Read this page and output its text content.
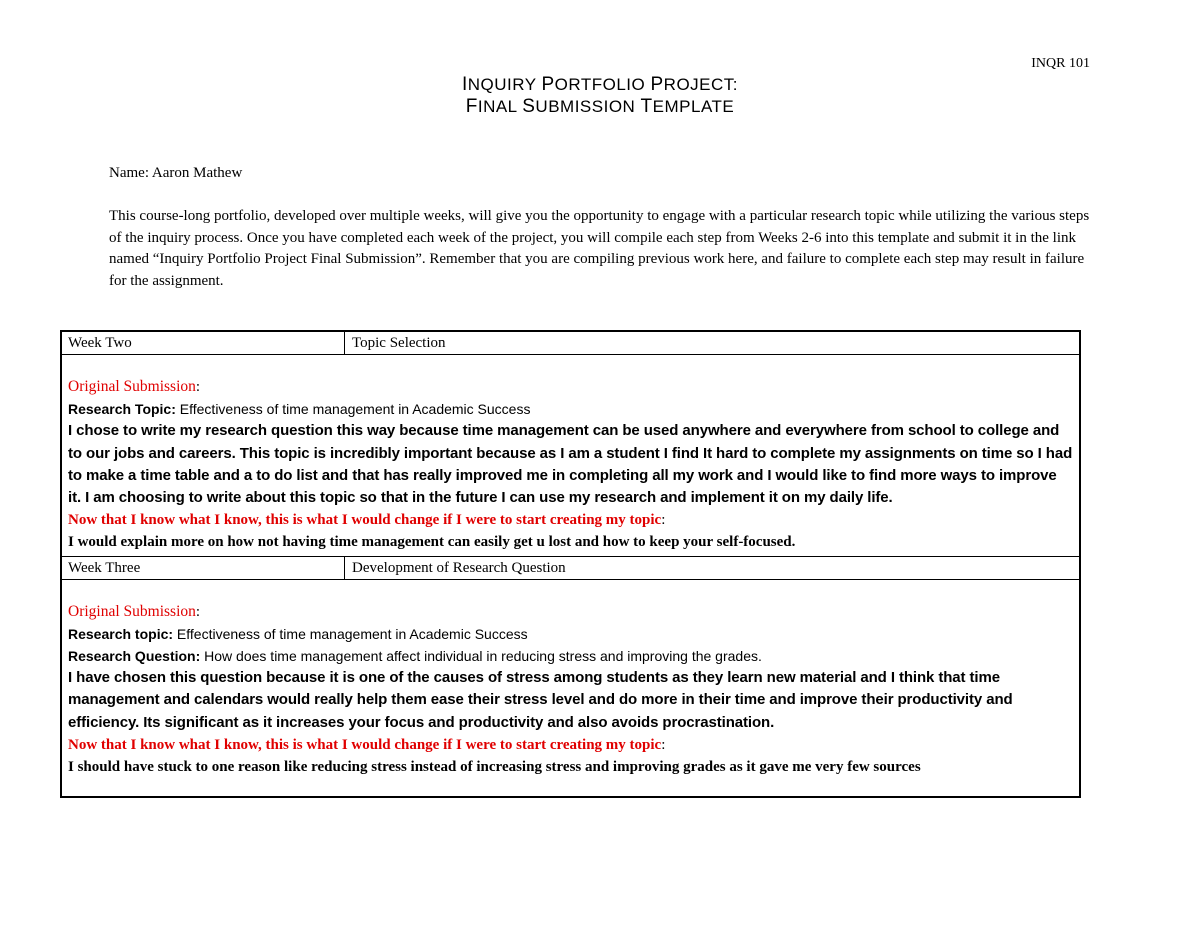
INQR 101
INQUIRY PORTFOLIO PROJECT:
FINAL SUBMISSION TEMPLATE
Name: Aaron Mathew
This course-long portfolio, developed over multiple weeks, will give you the opportunity to engage with a particular research topic while utilizing the various steps of the inquiry process. Once you have completed each week of the project, you will compile each step from Weeks 2-6 into this template and submit it in the link named “Inquiry Portfolio Project Final Submission”. Remember that you are compiling previous work here, and failure to complete each step may result in failure for the assignment.
Week Two	Topic Selection
Original Submission:
Research Topic: Effectiveness of time management in Academic Success
I chose to write my research question this way because time management can be used anywhere and everywhere from school to college and to our jobs and careers. This topic is incredibly important because as I am a student I find It hard to complete my assignments on time so I had to make a time table and a to do list and that has really improved me in completing all my work and I would like to find more ways to improve it. I am choosing to write about this topic so that in the future I can use my research and implement it on my daily life.
Now that I know what I know, this is what I would change if I were to start creating my topic:
I would explain more on how not having time management can easily get u lost and how to keep your self-focused.
Week Three	Development of Research Question
Original Submission:
Research topic: Effectiveness of time management in Academic Success
Research Question: How does time management affect individual in reducing stress and improving the grades.
I have chosen this question because it is one of the causes of stress among students as they learn new material and I think that time management and calendars would really help them ease their stress level and do more in their time and improve their productivity and efficiency. Its significant as it increases your focus and productivity and also avoids procrastination.
Now that I know what I know, this is what I would change if I were to start creating my topic:
I should have stuck to one reason like reducing stress instead of increasing stress and improving grades as it gave me very few sources
